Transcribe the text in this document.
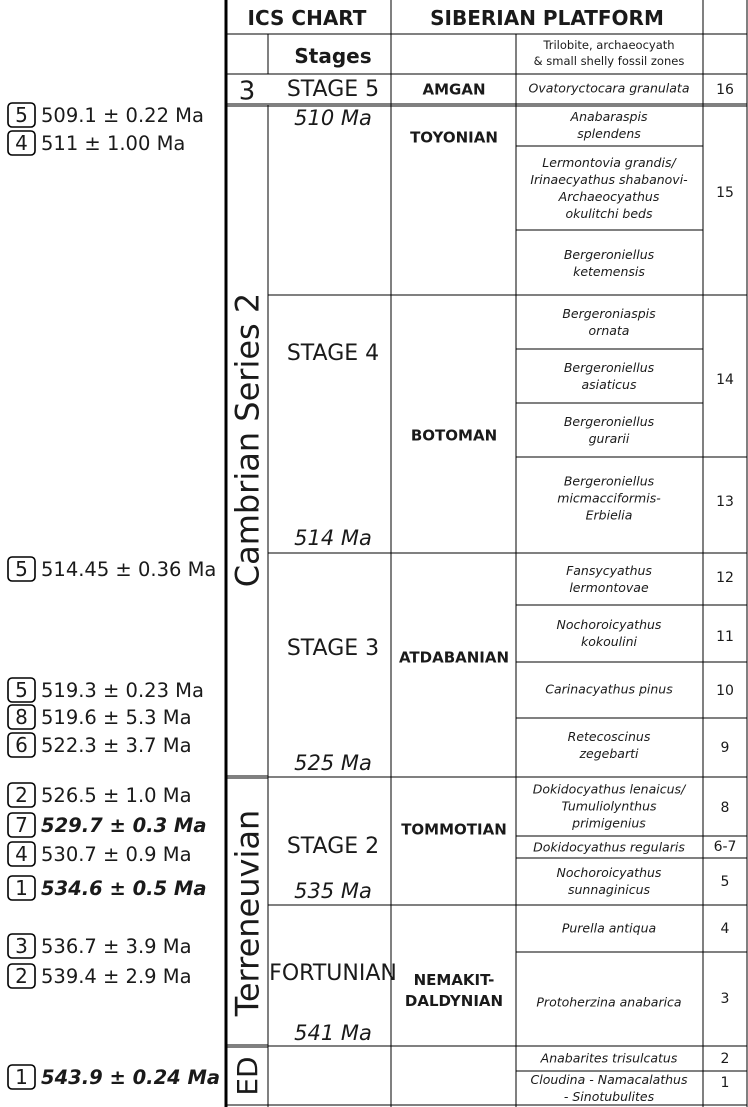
ICS CHART	SIBERIAN PLATFORM
Stages	Trilobite, archaeocyath
& small shelly fossil zones
3
Cambrian Series 2
Terreneuvian
ED
STAGE 5
STAGE 4
STAGE 3
STAGE 2
FORTUNIAN
510 Ma
514 Ma
525 Ma
535 Ma
541 Ma
AMGAN
TOYONIAN
BOTOMAN
ATDABANIAN
TOMMOTIAN
NEMAKIT-
DALDYNIAN
Ovatoryctocara granulata
Anabaraspis
splendens
Lermontovia grandis/
Irinaecyathus shabanovi-
Archaeocyathus
okulitchi beds
Bergeroniellus
ketemensis
Bergeroniaspis
ornata
Bergeroniellus
asiaticus
Bergeroniellus
gurarii
Bergeroniellus
micmacciformis-
Erbielia
Fansycyathus
lermontovae
Nochoroicyathus
kokoulini
Carinacyathus pinus
Retecoscinus
zegebarti
Dokidocyathus lenaicus/
Tumuliolynthus
primigenius
Dokidocyathus regularis
Nochoroicyathus
sunnaginicus
Purella antiqua
Protoherzina anabarica
Anabarites trisulcatus
Cloudina - Namacalathus
- Sinotubulites
16
15
14
13
12
11
10
9
8
6-7
5
4
3
2
1
5 509.1 ± 0.22 Ma
4 511 ± 1.00 Ma
5 514.45 ± 0.36 Ma
5 519.3 ± 0.23 Ma
8 519.6 ± 5.3 Ma
6 522.3 ± 3.7 Ma
2 526.5 ± 1.0 Ma
7 529.7 ± 0.3 Ma
4 530.7 ± 0.9 Ma
1 534.6 ± 0.5 Ma
3 536.7 ± 3.9 Ma
2 539.4 ± 2.9 Ma
1 543.9 ± 0.24 Ma
